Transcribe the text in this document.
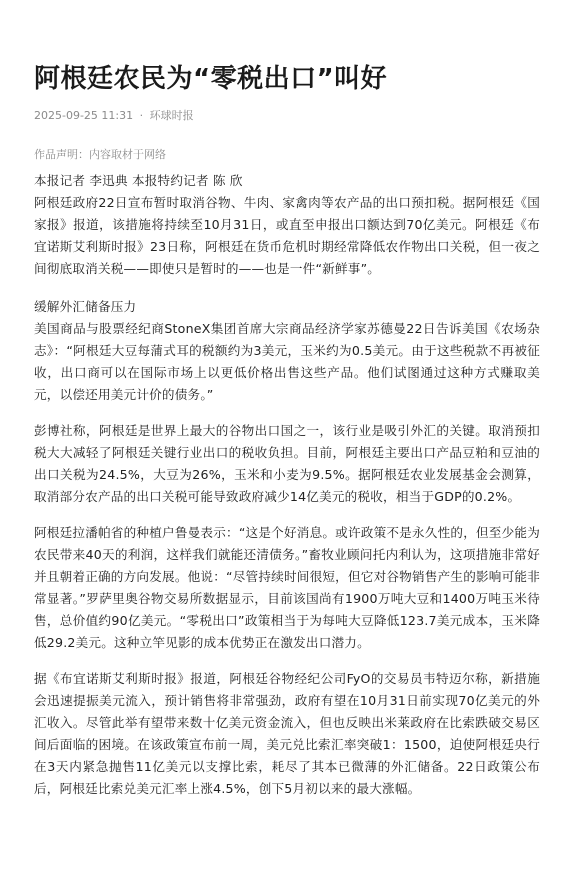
阿根廷农民为“零税出口”叫好
2025-09-25 11:31 · 环球时报
作品声明：内容取材于网络

本报记者 李迅典 本报特约记者 陈 欣

阿根廷政府22日宣布暂时取消谷物、牛肉、家禽肉等农产品的出口预扣税。据阿根廷《国家报》报道，该措施将持续至10月31日，或直至申报出口额达到70亿美元。阿根廷《布宜诺斯艾利斯时报》23日称，阿根廷在货币危机时期经常降低农作物出口关税，但一夜之间彻底取消关税——即使只是暂时的——也是一件“新鲜事”。

缓解外汇储备压力

美国商品与股票经纪商StoneX集团首席大宗商品经济学家苏德曼22日告诉美国《农场杂志》：“阿根廷大豆每蒲式耳的税额约为3美元，玉米约为0.5美元。由于这些税款不再被征收，出口商可以在国际市场上以更低价格出售这些产品。他们试图通过这种方式赚取美元，以偿还用美元计价的债务。”

彭博社称，阿根廷是世界上最大的谷物出口国之一，该行业是吸引外汇的关键。取消预扣税大大减轻了阿根廷关键行业出口的税收负担。目前，阿根廷主要出口产品豆粕和豆油的出口关税为24.5%，大豆为26%，玉米和小麦为9.5%。据阿根廷农业发展基金会测算，取消部分农产品的出口关税可能导致政府减少14亿美元的税收，相当于GDP的0.2%。

阿根廷拉潘帕省的种植户鲁曼表示：“这是个好消息。或许政策不是永久性的，但至少能为农民带来40天的利润，这样我们就能还清债务。”畜牧业顾问托内利认为，这项措施非常好并且朝着正确的方向发展。他说：“尽管持续时间很短，但它对谷物销售产生的影响可能非常显著。”罗萨里奥谷物交易所数据显示，目前该国尚有1900万吨大豆和1400万吨玉米待售，总价值约90亿美元。“零税出口”政策相当于为每吨大豆降低123.7美元成本，玉米降低29.2美元。这种立竿见影的成本优势正在激发出口潜力。

据《布宜诺斯艾利斯时报》报道，阿根廷谷物经纪公司FyO的交易员韦特迈尔称，新措施会迅速提振美元流入，预计销售将非常强劲，政府有望在10月31日前实现70亿美元的外汇收入。尽管此举有望带来数十亿美元资金流入，但也反映出米莱政府在比索跌破交易区间后面临的困境。在该政策宣布前一周，美元兑比索汇率突破1：1500，迫使阿根廷央行在3天内紧急抛售11亿美元以支撑比索，耗尽了其本已微薄的外汇储备。22日政策公布后，阿根廷比索兑美元汇率上涨4.5%，创下5月初以来的最大涨幅。
